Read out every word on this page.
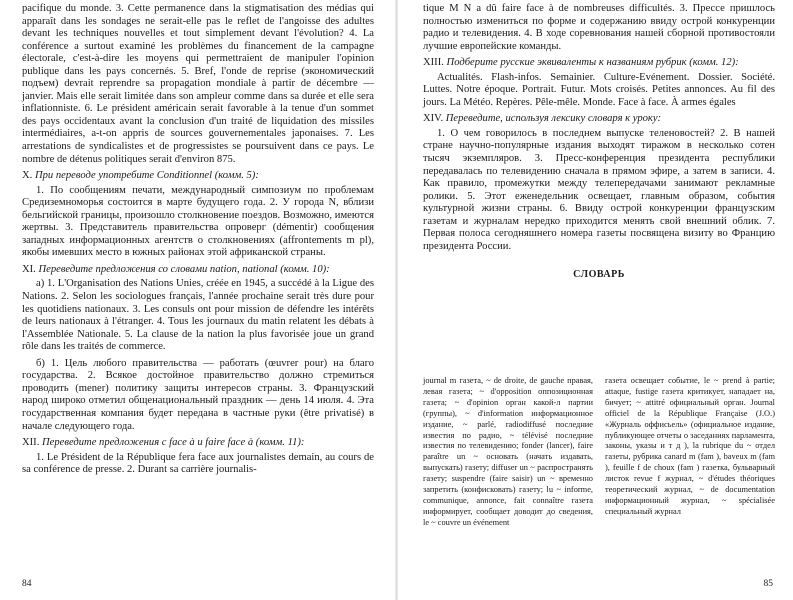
pacifique du monde. 3. Cette permanence dans la stigmatisation des médias qui apparaît dans les sondages ne serait-elle pas le reflet de l'angoisse des adultes devant les techniques nouvelles et tout simplement devant l'évolution? 4. La conférence a surtout examiné les problèmes du financement de la campagne électorale, c'est-à-dire les moyens qui permettraient de manipuler l'opinion publique dans les pays concernés. 5. Bref, l'onde de reprise (экономический подъем) devrait reprendre sa propagation mondiale à partir de décembre — janvier. Mais elle serait limitée dans son ampleur comme dans sa durée et elle sera inflationniste. 6. Le président américain serait favorable à la tenue d'un sommet des pays occidentaux avant la conclusion d'un traité de liquidation des missiles intermédiaires, a-t-on appris de sources gouvernementales japonaises. 7. Les arrestations de syndicalistes et de progressistes se poursuivent dans ce pays. Le nombre de détenus politiques serait d'environ 875.

X. При переводе употребите Conditionnel (комм. 5):

1. По сообщениям печати, международный симпозиум по проблемам Средиземноморья состоится в марте будущего года. 2. У города N, вблизи бельгийской границы, произошло столкновение поездов. Возможно, имеются жертвы. 3. Представитель правительства опроверг (démentir) сообщения западных информационных агентств о столкновениях (affrontements m pl), якобы имевших место в южных районах этой африканской страны.

XI. Переведите предложения со словами nation, national (комм. 10):

а) 1. L'Organisation des Nations Unies, créée en 1945, a succédé à la Ligue des Nations. 2. Selon les sociologues français, l'année prochaine serait très dure pour les quotidiens nationaux. 3. Les consuls ont pour mission de défendre les intérêts de leurs nationaux à l'étranger. 4. Tous les journaux du matin relatent les débats à l'Assemblée Nationale. 5. La clause de la nation la plus favorisée joue un grand rôle dans les traités de commerce.

б) 1. Цель любого правительства — работать (œuvrer pour) на благо государства. 2. Всякое достойное правительство должно стремиться проводить (mener) политику защиты интересов страны. 3. Французский народ широко отметил общенациональный праздник — день 14 июля. 4. Эта государственная компания будет передана в частные руки (être privatisé) в начале следующего года.

XII. Переведите предложения с face à и faire face à (комм. 11):

1. Le Président de la République fera face aux journalistes demain, au cours de sa conférence de presse. 2. Durant sa carrière journalis-

84

tique M N a dû faire face à de nombreuses difficultés. 3. Прессе пришлось полностью измениться по форме и содержанию ввиду острой конкуренции радио и телевидения. 4. В ходе соревнования нашей сборной противостояли лучшие европейские команды.

XIII. Подберите русские эквиваленты к названиям рубрик (комм. 12):

Actualités. Flash-infos. Semainier. Culture-Evénement. Dossier. Société. Luttes. Notre époque. Portrait. Futur. Mots croisés. Petites annonces. Au fil des jours. La Météo. Repères. Pêle-mêle. Monde. Face à face. À armes égales

XIV. Переведите, используя лексику словаря к уроку:

1. О чем говорилось в последнем выпуске теленовостей? 2. В нашей стране научно-популярные издания выходят тиражом в несколько сотен тысяч экземпляров. 3. Пресс-конференция президента республики передавалась по телевидению сначала в прямом эфире, а затем в записи. 4. Как правило, промежутки между телепередачами занимают рекламные ролики. 5. Этот еженедельник освещает, главным образом, события культурной жизни страны. 6. Ввиду острой конкуренции французским газетам и журналам нередко приходится менять свой внешний облик. 7. Первая полоса сегодняшнего номера газеты посвящена визиту во Францию президента России.

СЛОВАРЬ

journal m газета, ~ de droite, de gauche правая, левая газета; ~ d'opposition оппозиционная газета; ~ d'opinion орган какой-л партии (группы), ~ d'information информационное издание, ~ parlé, radiodiffusé последние известия по радио, ~ télévisé последние известия по телевидению; fonder (lancer), faire paraître un ~ основать (начать издавать, выпускать) газету; diffuser un ~ распространять газету; suspendre (faire saisir) un ~ временно запретить (конфисковать) газету; lu ~ informe, communique, annonce, fait connaître газета информирует, сообщает доводит до сведения, le ~ couvre un événement
газета освещает событие, le ~ prend à partie; attaque, fustige газета критикует, нападает на, бичует; ~ attitré официальный орган. Journal officiel de la République Française (J.O.) «Журналь оффисьель» (официальное издание, публикующее отчеты о заседаниях парламента, законы, указы и т д ), la rubrique du ~ отдел газеты, рубрика canard m (fam ), baveux m (fam ), feuille f de choux (fam ) газетка, бульварный листок revue f журнал, ~ d'études théoriques теоретический журнал, ~ de documentation информационный журнал, ~ spécialisée специальный журнал
85
